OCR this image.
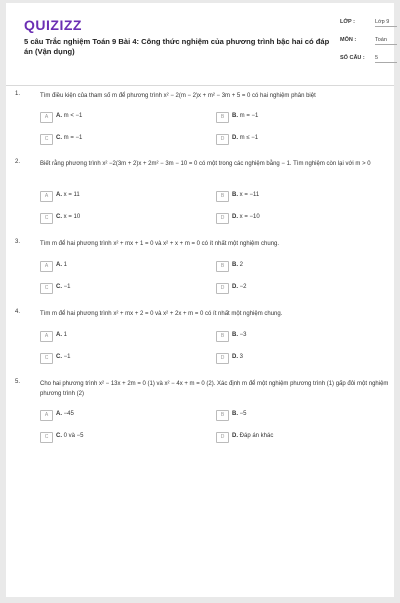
QUIZIZZ
5 câu Trắc nghiệm Toán 9 Bài 4: Công thức nghiệm của phương trình bậc hai có đáp án (Vận dụng)
LỚP :	Lớp 9
MÔN :	Toán
SỐ CÂU : 5
1.	Tìm điều kiện của tham số m để phương trình x² − 2(m − 2)x + m² − 3m + 5 = 0 có hai nghiệm phân biệt
A	A. m < −1	B	B. m = −1
C	C. m = −1	D	D. m ≤ −1
2.	Biết rằng phương trình x² −2(3m + 2)x + 2m² − 3m − 10 = 0 có một trong các nghiệm bằng − 1. Tìm nghiệm còn lại với m > 0
A	A. x = 11	B	B. x = −11
C	C. x = 10	D	D. x = −10
3.	Tìm m để hai phương trình x² + mx + 1 = 0 và x² + x + m = 0 có ít nhất một nghiệm chung.
A	A. 1	B	B. 2
C	C. −1	D	D. −2
4.	Tìm m để hai phương trình x² + mx + 2 = 0 và x² + 2x + m = 0 có ít nhất một nghiệm chung.
A	A. 1	B	B. −3
C	C. −1	D	D. 3
5.	Cho hai phương trình x² − 13x + 2m = 0 (1) và x² − 4x + m = 0 (2). Xác định m để một nghiệm phương trình (1) gấp đôi một nghiệm phương trình (2)
A	A. −45	B	B. −5
C	C. 0 và −5	D	D. Đáp án khác
